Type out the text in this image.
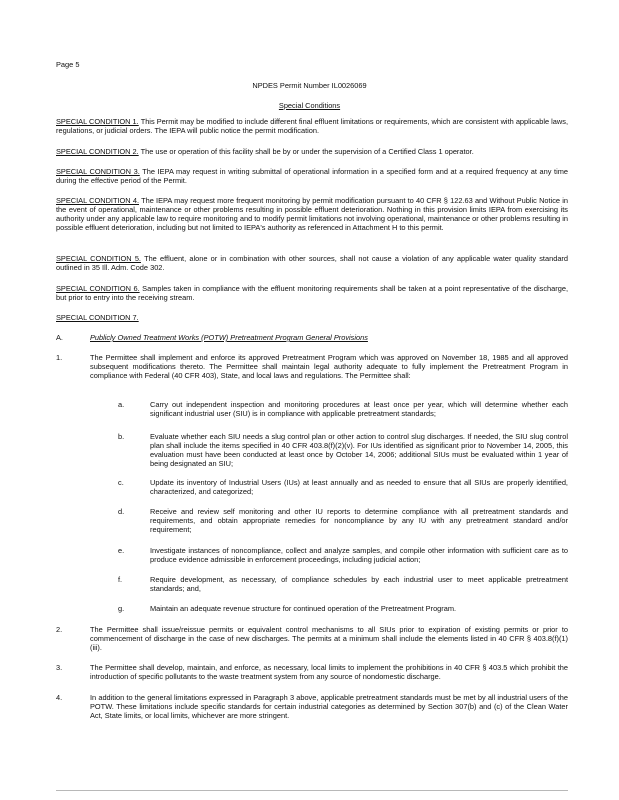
Page 5
NPDES Permit Number IL0026069
Special Conditions
SPECIAL CONDITION 1. This Permit may be modified to include different final effluent limitations or requirements, which are consistent with applicable laws, regulations, or judicial orders. The IEPA will public notice the permit modification.
SPECIAL CONDITION 2. The use or operation of this facility shall be by or under the supervision of a Certified Class 1 operator.
SPECIAL CONDITION 3. The IEPA may request in writing submittal of operational information in a specified form and at a required frequency at any time during the effective period of the Permit.
SPECIAL CONDITION 4. The IEPA may request more frequent monitoring by permit modification pursuant to 40 CFR § 122.63 and Without Public Notice in the event of operational, maintenance or other problems resulting in possible effluent deterioration. Nothing in this provision limits IEPA from exercising its authority under any applicable law to require monitoring and to modify permit limitations not involving operational, maintenance or other problems resulting in possible effluent deterioration, including but not limited to IEPA's authority as referenced in Attachment H to this permit.
SPECIAL CONDITION 5. The effluent, alone or in combination with other sources, shall not cause a violation of any applicable water quality standard outlined in 35 Ill. Adm. Code 302.
SPECIAL CONDITION 6. Samples taken in compliance with the effluent monitoring requirements shall be taken at a point representative of the discharge, but prior to entry into the receiving stream.
SPECIAL CONDITION 7.
A.	Publicly Owned Treatment Works (POTW) Pretreatment Program General Provisions
1.	The Permittee shall implement and enforce its approved Pretreatment Program which was approved on November 18, 1985 and all approved subsequent modifications thereto. The Permittee shall maintain legal authority adequate to fully implement the Pretreatment Program in compliance with Federal (40 CFR 403), State, and local laws and regulations. The Permittee shall:
a.	Carry out independent inspection and monitoring procedures at least once per year, which will determine whether each significant industrial user (SIU) is in compliance with applicable pretreatment standards;
b.	Evaluate whether each SIU needs a slug control plan or other action to control slug discharges. If needed, the SIU slug control plan shall include the items specified in 40 CFR 403.8(f)(2)(v). For IUs identified as significant prior to November 14, 2005, this evaluation must have been conducted at least once by October 14, 2006; additional SIUs must be evaluated within 1 year of being designated an SIU;
c.	Update its inventory of Industrial Users (IUs) at least annually and as needed to ensure that all SIUs are properly identified, characterized, and categorized;
d.	Receive and review self monitoring and other IU reports to determine compliance with all pretreatment standards and requirements, and obtain appropriate remedies for noncompliance by any IU with any pretreatment standard and/or requirement;
e.	Investigate instances of noncompliance, collect and analyze samples, and compile other information with sufficient care as to produce evidence admissible in enforcement proceedings, including judicial action;
f.	Require development, as necessary, of compliance schedules by each industrial user to meet applicable pretreatment standards; and,
g.	Maintain an adequate revenue structure for continued operation of the Pretreatment Program.
2.	The Permittee shall issue/reissue permits or equivalent control mechanisms to all SIUs prior to expiration of existing permits or prior to commencement of discharge in the case of new discharges. The permits at a minimum shall include the elements listed in 40 CFR § 403.8(f)(1)(iii).
3.	The Permittee shall develop, maintain, and enforce, as necessary, local limits to implement the prohibitions in 40 CFR § 403.5 which prohibit the introduction of specific pollutants to the waste treatment system from any source of nondomestic discharge.
4.	In addition to the general limitations expressed in Paragraph 3 above, applicable pretreatment standards must be met by all industrial users of the POTW. These limitations include specific standards for certain industrial categories as determined by Section 307(b) and (c) of the Clean Water Act, State limits, or local limits, whichever are more stringent.
